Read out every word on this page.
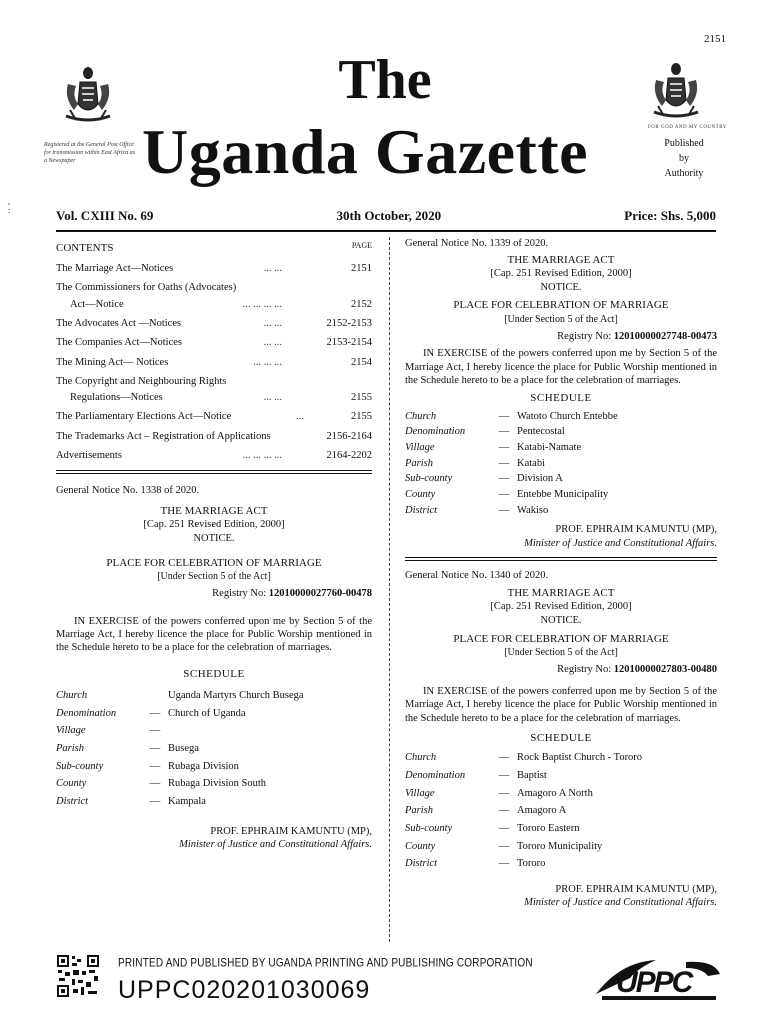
2151
Registered at the General Post Office for transmission within East Africa as a Newspaper
The
Uganda Gazette	FOR GOD AND MY COUNTRY
Published
by
Authority
,
:	Vol. CXIII No. 69	30th October, 2020	Price: Shs. 5,000
CONTENTS	PAGE
The Marriage Act—Notices	... ...	2151
The Commissioners for Oaths (Advocates)
Act—Notice	... ... ... ...	2152
The Advocates Act —Notices	... ...	2152-2153
The Companies Act—Notices	... ...	2153-2154
The Mining Act— Notices	... ... ...	2154
The Copyright and Neighbouring Rights
Regulations—Notices	... ...	2155
The Parliamentary Elections Act—Notice	...	2155
The Trademarks Act – Registration of Applications	2156-2164
Advertisements	... ... ... ...	2164-2202
General Notice No. 1338 of 2020.
THE MARRIAGE ACT
[Cap. 251 Revised Edition, 2000]
NOTICE.
PLACE FOR CELEBRATION OF MARRIAGE
[Under Section 5 of the Act]
Registry No: 12010000027760-00478
IN EXERCISE of the powers conferred upon me by Section 5 of the Marriage Act, I hereby licence the place for Public Worship mentioned in the Schedule hereto to be a place for the celebration of marriages.
SCHEDULE
Church	Uganda Martyrs Church Busega
Denomination	— Church of Uganda
Village	—
Parish	— Busega
Sub-county	— Rubaga Division
County	— Rubaga Division South
District	— Kampala
PROF. EPHRAIM KAMUNTU (MP),
Minister of Justice and Constitutional Affairs.
General Notice No. 1339 of 2020.
THE MARRIAGE ACT
[Cap. 251 Revised Edition, 2000]
NOTICE.
PLACE FOR CELEBRATION OF MARRIAGE
[Under Section 5 of the Act]
Registry No: 12010000027748-00473
IN EXERCISE of the powers conferred upon me by Section 5 of the Marriage Act, I hereby licence the place for Public Worship mentioned in the Schedule hereto to be a place for the celebration of marriages.
SCHEDULE
Church	— Watoto Church Entebbe
Denomination	— Pentecostal
Village	— Katabi-Namate
Parish	— Katabi
Sub-county	— Division A
County	— Entebbe Municipality
District	— Wakiso
PROF. EPHRAIM KAMUNTU (MP),
Minister of Justice and Constitutional Affairs.
General Notice No. 1340 of 2020.
THE MARRIAGE ACT
[Cap. 251 Revised Edition, 2000]
NOTICE.
PLACE FOR CELEBRATION OF MARRIAGE
[Under Section 5 of the Act]
Registry No: 12010000027803-00480
IN EXERCISE of the powers conferred upon me by Section 5 of the Marriage Act, I hereby licence the place for Public Worship mentioned in the Schedule hereto to be a place for the celebration of marriages.
SCHEDULE
Church	— Rock Baptist Church - Tororo
Denomination	— Baptist
Village	— Amagoro A North
Parish	— Amagoro A
Sub-county	— Tororo Eastern
County	— Tororo Municipality
District	— Tororo
PROF. EPHRAIM KAMUNTU (MP),
Minister of Justice and Constitutional Affairs.
PRINTED AND PUBLISHED BY UGANDA PRINTING AND PUBLISHING CORPORATION
UPPC020201030069	UPPC
